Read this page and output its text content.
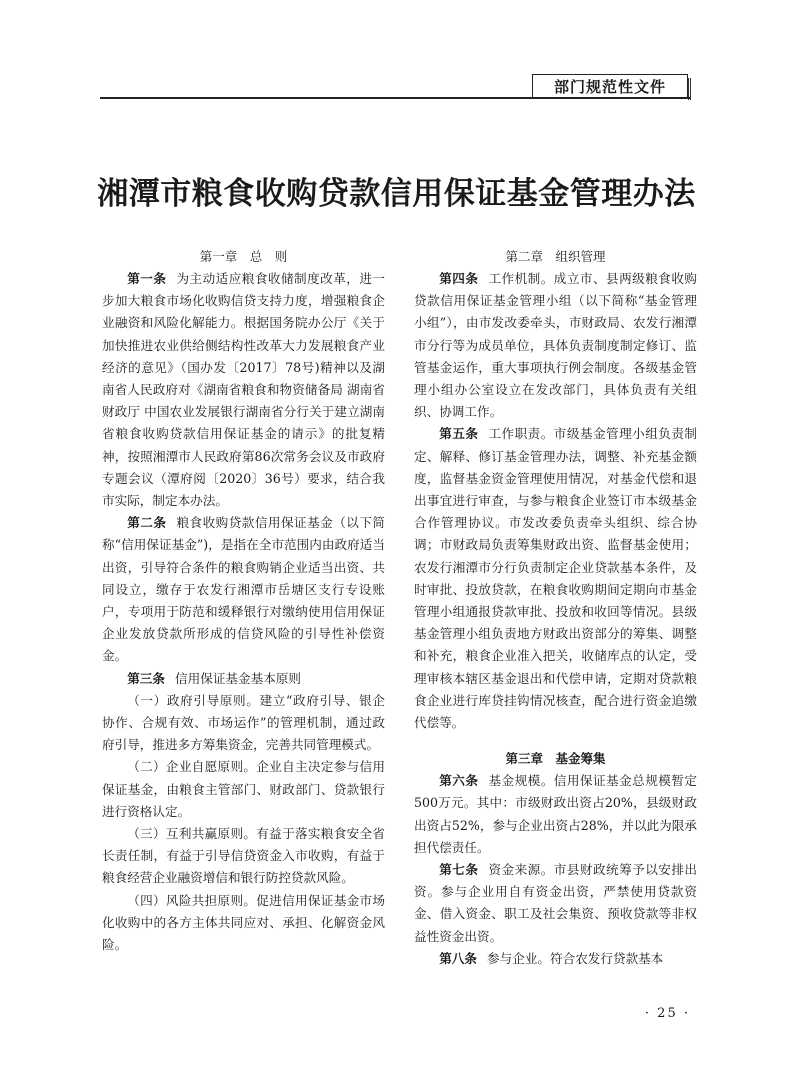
部门规范性文件
湘潭市粮食收购贷款信用保证基金管理办法

第一章　总　则

第一条 为主动适应粮食收储制度改革，进一步加大粮食市场化收购信贷支持力度，增强粮食企业融资和风险化解能力。根据国务院办公厅《关于加快推进农业供给侧结构性改革大力发展粮食产业经济的意见》（国办发〔2017〕78号)精神以及湖南省人民政府对《湖南省粮食和物资储备局 湖南省财政厅 中国农业发展银行湖南省分行关于建立湖南省粮食收购贷款信用保证基金的请示》的批复精神，按照湘潭市人民政府第86次常务会议及市政府专题会议（潭府阅〔2020〕36号）要求，结合我市实际，制定本办法。

第二条 粮食收购贷款信用保证基金（以下简称“信用保证基金”)，是指在全市范围内由政府适当出资，引导符合条件的粮食购销企业适当出资、共同设立，缴存于农发行湘潭市岳塘区支行专设账户，专项用于防范和缓释银行对缴纳使用信用保证企业发放贷款所形成的信贷风险的引导性补偿资金。

第三条 信用保证基金基本原则

（一）政府引导原则。建立“政府引导、银企协作、合规有效、市场运作”的管理机制，通过政府引导，推进多方筹集资金，完善共同管理模式。

（二）企业自愿原则。企业自主决定参与信用保证基金，由粮食主管部门、财政部门、贷款银行进行资格认定。

（三）互利共赢原则。有益于落实粮食安全省长责任制，有益于引导信贷资金入市收购，有益于粮食经营企业融资增信和银行防控贷款风险。

（四）风险共担原则。促进信用保证基金市场化收购中的各方主体共同应对、承担、化解资金风险。

第二章　组织管理

第四条 工作机制。成立市、县两级粮食收购贷款信用保证基金管理小组（以下简称“基金管理小组”），由市发改委牵头，市财政局、农发行湘潭市分行等为成员单位，具体负责制度制定修订、监管基金运作，重大事项执行例会制度。各级基金管理小组办公室设立在发改部门，具体负责有关组织、协调工作。

第五条 工作职责。市级基金管理小组负责制定、解释、修订基金管理办法，调整、补充基金额度，监督基金资金管理使用情况，对基金代偿和退出事宜进行审查，与参与粮食企业签订市本级基金合作管理协议。市发改委负责牵头组织、综合协调；市财政局负责筹集财政出资、监督基金使用；农发行湘潭市分行负责制定企业贷款基本条件，及时审批、投放贷款，在粮食收购期间定期向市基金管理小组通报贷款审批、投放和收回等情况。县级基金管理小组负责地方财政出资部分的筹集、调整和补充，粮食企业准入把关，收储库点的认定，受理审核本辖区基金退出和代偿申请，定期对贷款粮食企业进行库贷挂钩情况核查，配合进行资金追缴代偿等。

第三章　基金筹集

第六条 基金规模。信用保证基金总规模暂定500万元。其中：市级财政出资占20%，县级财政出资占52%，参与企业出资占28%，并以此为限承担代偿责任。

第七条 资金来源。市县财政统筹予以安排出资。参与企业用自有资金出资，严禁使用贷款资金、借入资金、职工及社会集资、预收贷款等非权益性资金出资。

第八条 参与企业。符合农发行贷款基本

· 25 ·
